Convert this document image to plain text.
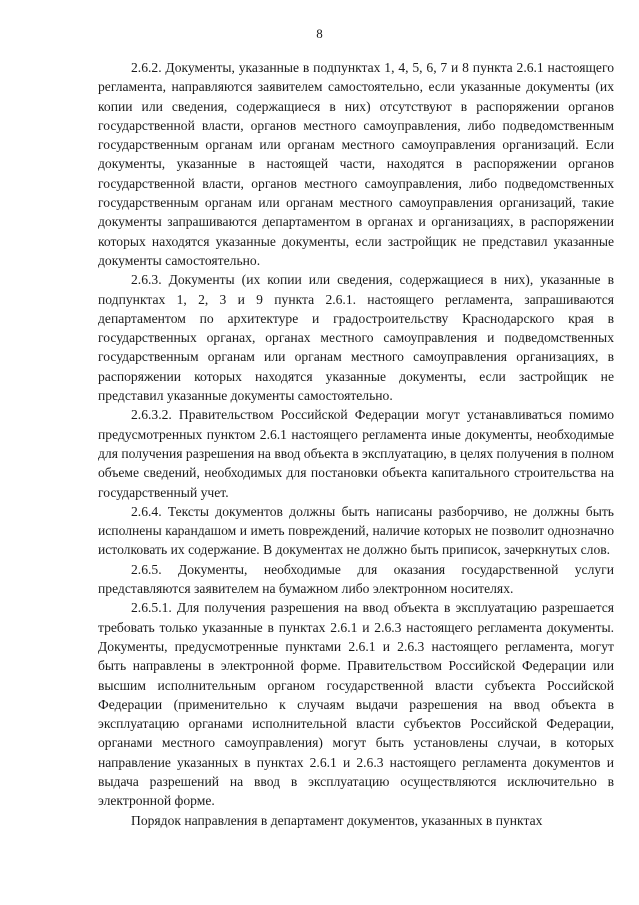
8

2.6.2. Документы, указанные в подпунктах 1, 4, 5, 6, 7 и 8 пункта 2.6.1 настоящего регламента, направляются заявителем самостоятельно, если указанные документы (их копии или сведения, содержащиеся в них) отсутствуют в распоряжении органов государственной власти, органов местного самоуправления, либо подведомственным государственным органам или органам местного самоуправления организаций. Если документы, указанные в настоящей части, находятся в распоряжении органов государственной власти, органов местного самоуправления, либо подведомственных государственным органам или органам местного самоуправления организаций, такие документы запрашиваются департаментом в органах и организациях, в распоряжении которых находятся указанные документы, если застройщик не представил указанные документы самостоятельно.

2.6.3. Документы (их копии или сведения, содержащиеся в них), указанные в подпунктах 1, 2, 3 и 9 пункта 2.6.1. настоящего регламента, запрашиваются департаментом по архитектуре и градостроительству Краснодарского края в государственных органах, органах местного самоуправления и подведомственных государственным органам или органам местного самоуправления организациях, в распоряжении которых находятся указанные документы, если застройщик не представил указанные документы самостоятельно.

2.6.3.2. Правительством Российской Федерации могут устанавливаться помимо предусмотренных пунктом 2.6.1 настоящего регламента иные документы, необходимые для получения разрешения на ввод объекта в эксплуатацию, в целях получения в полном объеме сведений, необходимых для постановки объекта капитального строительства на государственный учет.

2.6.4. Тексты документов должны быть написаны разборчиво, не должны быть исполнены карандашом и иметь повреждений, наличие которых не позволит однозначно истолковать их содержание. В документах не должно быть приписок, зачеркнутых слов.

2.6.5. Документы, необходимые для оказания государственной услуги представляются заявителем на бумажном либо электронном носителях.

2.6.5.1. Для получения разрешения на ввод объекта в эксплуатацию разрешается требовать только указанные в пунктах 2.6.1 и 2.6.3 настоящего регламента документы. Документы, предусмотренные пунктами 2.6.1 и 2.6.3 настоящего регламента, могут быть направлены в электронной форме. Правительством Российской Федерации или высшим исполнительным органом государственной власти субъекта Российской Федерации (применительно к случаям выдачи разрешения на ввод объекта в эксплуатацию органами исполнительной власти субъектов Российской Федерации, органами местного самоуправления) могут быть установлены случаи, в которых направление указанных в пунктах 2.6.1 и 2.6.3 настоящего регламента документов и выдача разрешений на ввод в эксплуатацию осуществляются исключительно в электронной форме.

Порядок направления в департамент документов, указанных в пунктах
